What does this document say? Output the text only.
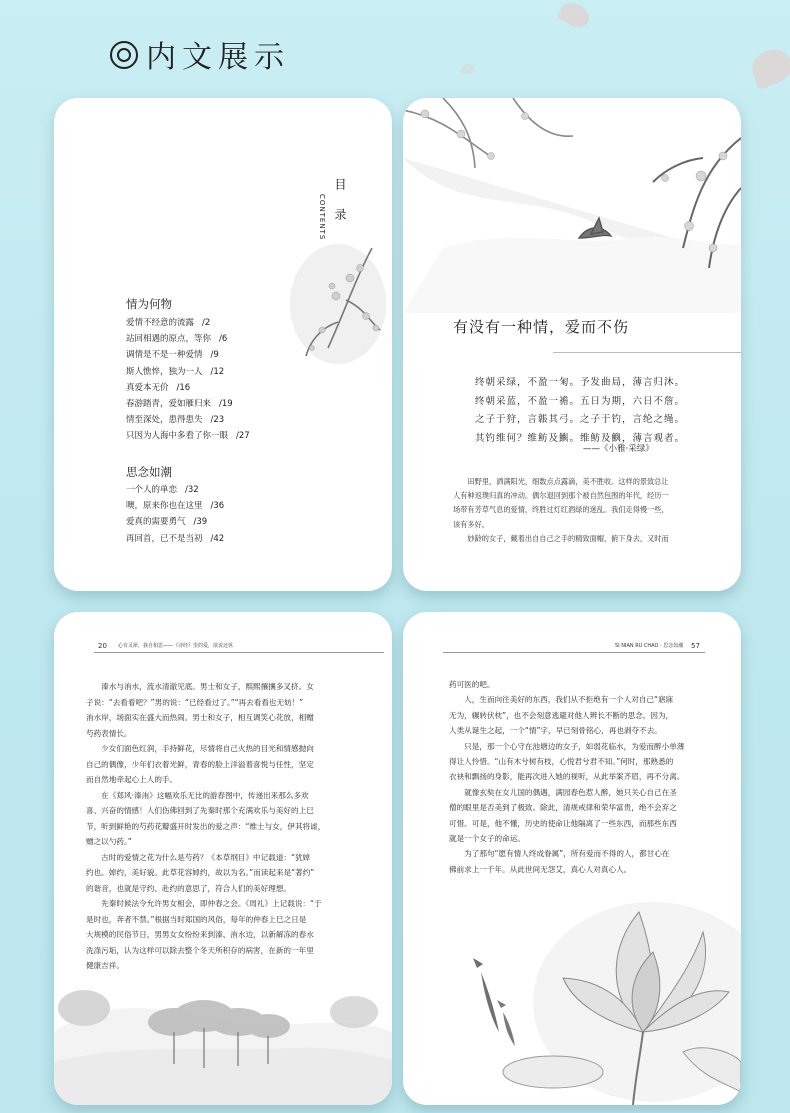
内文展示
目录
CONTENTS
情为何物
爱情不经意的流露 /2
站回相遇的原点，等你 /6
调情是不是一种爱情 /9
斯人憔悴，独为一人 /12
真爱本无价 /16
春游踏青，爱如雁归来 /19
情至深处，患得患失 /23
只因为人海中多看了你一眼 /27
思念如潮
一个人的单恋 /32
噢，原来你也在这里 /36
爱真的需要勇气 /39
再回首，已不是当初 /42
有没有一种情，爱而不伤
终朝采绿，不盈一匊。予发曲局，薄言归沐。
终朝采蓝，不盈一襜。五日为期，六日不詹。
之子于狩，言韔其弓。之子于钓，言纶之绳。
其钓维何？维鲂及鱮。维鲂及鱮，薄言观者。
——《小雅·采绿》

　　田野里，洒满阳光，细数点点露滴，美不胜收。这样的景致总让

人有种返璞归真的冲动。偶尔退回到那个被自然包围的年代，经历一

场带有芳草气息的爱情，终胜过灯红酒绿的迷乱。我们走得慢一些，

该有多好。

　　妙龄的女子，戴着出自自己之手的精致面帽，俯下身去，又时而

20 心有灵犀，我自相思——《诗经》里的爱，欲说还休

　　溱水与洧水，流水清澈见底。男士和女子，熙熙攘攘多叉挤。女

子说：“去看看吧？”男的说：“已经看过了。”“再去看看也无妨！”

洧水岸，场面实在盛大而热闹。男士和女子，相互调笑心花放，相赠

芍药表情长。

　　少女们面色红润，手持鲜花，尽情将自己火热的目光和情感抛向

自己的偶像，少年们衣着光鲜，青春的脸上洋溢着喜悦与任性，坚定

而自然地牵起心上人的手。

　　在《郑风·溱洧》这幅欢乐无比的游春图中，传递出来那么多欢

喜、兴奋的情感！人们伤佛回到了先秦时那个充满欢乐与美好的上巳

节，听到鲜艳的芍药花瓣盛开时发出的爱之声：“维士与女，伊其将谑，

赠之以勺药。”

　　古时的爱情之花为什么是芍药？《本草纲目》中记载道：“犹婥

约也。婥约，美好貌。此草花容婥约，故以为名。”而读起来是“著约”

的谐音，也就是守约、赴约的意思了，符合人们的美好理想。

　　先秦时候法令允许男女相会，即仲春之会。《周礼》上记载说：“于

是时也，奔者不禁。”根据当时郑国的风俗，每年的仲春上巳之日是

大规模的民俗节日，男男女女纷纷来到溱、洧水边，以新解冻的春水

洗涤污垢，认为这样可以除去整个冬天所积存的病害，在新的一年里

健康吉祥。

SI NIAN RU CHAO · 思念如潮 57

药可医的吧。

　　人，生而向往美好的东西，我们从不拒绝有一个人对自己“寤寐

无为，辗转伏枕”，也不会刻意逃避对他人辨长不断的思念。因为，

人类从诞生之起，一个“情”字，早已刻骨铭心，再也剥夺不去。

　　只是，那一个心守在池塘边的女子，如弱花临水，为爱而醉小单薄

得让人怜惜。“山有木兮树有枝，心悦君兮君不知。”何时，那熟悉的

衣袂和飘扬的身影，能再次进入她的视听，从此举案齐眉，再不分离。

　　就像玄奘在女儿国的偶遇，满园春色惹人醉，她只关心自己在圣

僧的眼里是否美到了极致。除此，清规戒律和荣华富贵，绝不会弃之

可惜。可是，他不懂，历史的使命让他隔离了一些东西，而那些东西

就是一个女子的命运。

　　为了那句“愿有情人终成眷属”，所有爱而不得的人，都甘心在

佛前求上一千年。从此世间无怨艾，真心人对真心人。
